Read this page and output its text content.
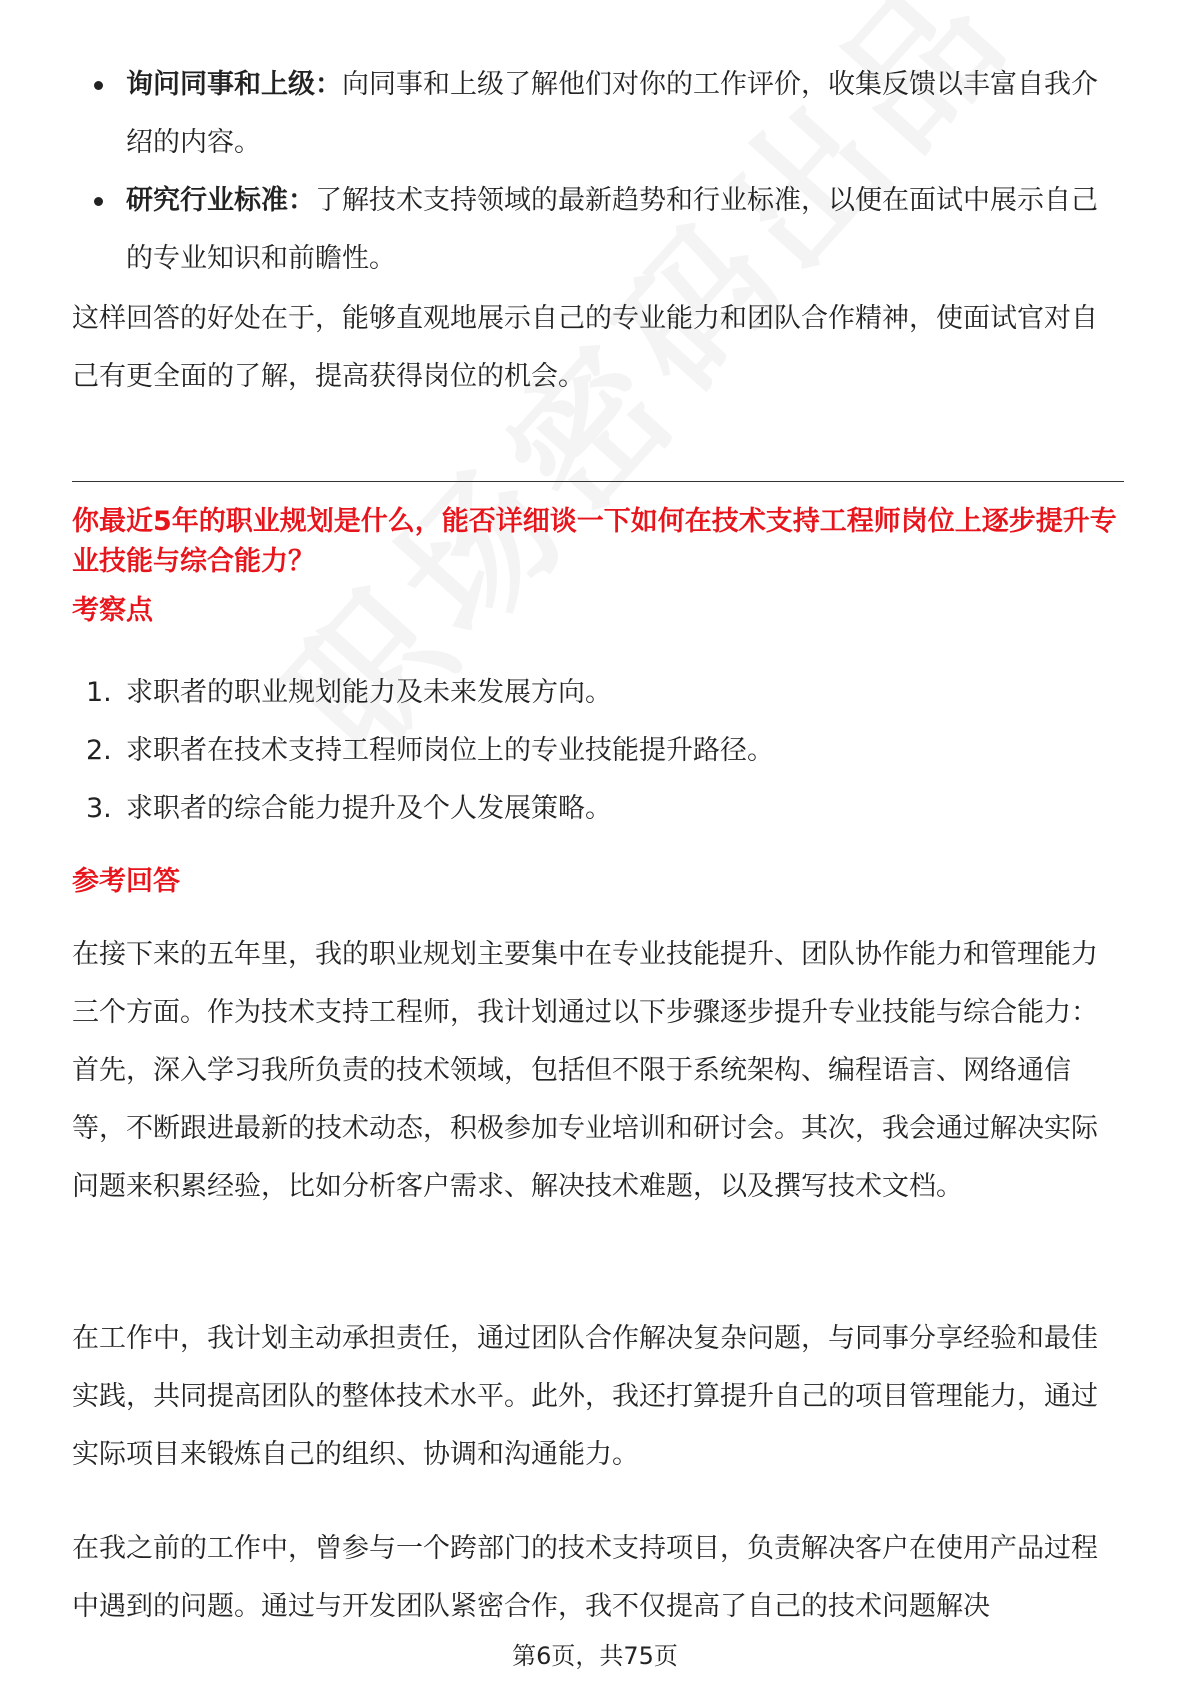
询问同事和上级：向同事和上级了解他们对你的工作评价，收集反馈以丰富自我介绍的内容。
研究行业标准：了解技术支持领域的最新趋势和行业标准，以便在面试中展示自己的专业知识和前瞻性。

这样回答的好处在于，能够直观地展示自己的专业能力和团队合作精神，使面试官对自己有更全面的了解，提高获得岗位的机会。

你最近5年的职业规划是什么，能否详细谈一下如何在技术支持工程师岗位上逐步提升专业技能与综合能力？

考察点

1. 求职者的职业规划能力及未来发展方向。
2. 求职者在技术支持工程师岗位上的专业技能提升路径。
3. 求职者的综合能力提升及个人发展策略。

参考回答

在接下来的五年里，我的职业规划主要集中在专业技能提升、团队协作能力和管理能力三个方面。作为技术支持工程师，我计划通过以下步骤逐步提升专业技能与综合能力：首先，深入学习我所负责的技术领域，包括但不限于系统架构、编程语言、网络通信等，不断跟进最新的技术动态，积极参加专业培训和研讨会。其次，我会通过解决实际问题来积累经验，比如分析客户需求、解决技术难题，以及撰写技术文档。

在工作中，我计划主动承担责任，通过团队合作解决复杂问题，与同事分享经验和最佳实践，共同提高团队的整体技术水平。此外，我还打算提升自己的项目管理能力，通过实际项目来锻炼自己的组织、协调和沟通能力。

在我之前的工作中，曾参与一个跨部门的技术支持项目，负责解决客户在使用产品过程中遇到的问题。通过与开发团队紧密合作，我不仅提高了自己的技术问题解决

第6页，共75页
